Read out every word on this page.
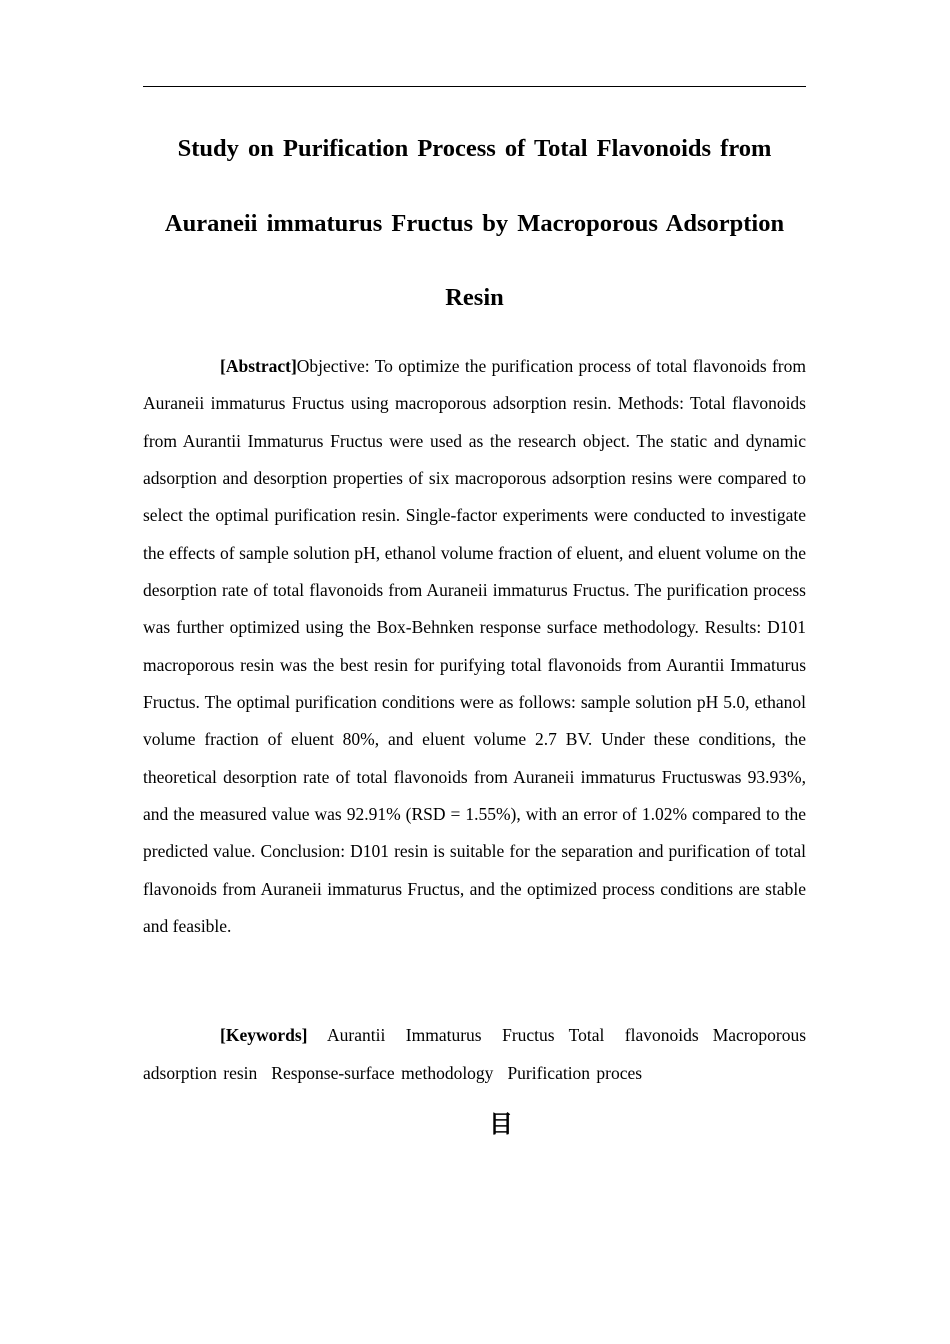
Study on Purification Process of Total Flavonoids from Auraneii immaturus Fructus by Macroporous Adsorption Resin

[Abstract]Objective: To optimize the purification process of total flavonoids from Auraneii immaturus Fructus using macroporous adsorption resin. Methods: Total flavonoids from Aurantii Immaturus Fructus were used as the research object. The static and dynamic adsorption and desorption properties of six macroporous adsorption resins were compared to select the optimal purification resin. Single-factor experiments were conducted to investigate the effects of sample solution pH, ethanol volume fraction of eluent, and eluent volume on the desorption rate of total flavonoids from Auraneii immaturus Fructus. The purification process was further optimized using the Box-Behnken response surface methodology. Results: D101 macroporous resin was the best resin for purifying total flavonoids from Aurantii Immaturus Fructus. The optimal purification conditions were as follows: sample solution pH 5.0, ethanol volume fraction of eluent 80%, and eluent volume 2.7 BV. Under these conditions, the theoretical desorption rate of total flavonoids from Auraneii immaturus Fructuswas 93.93%, and the measured value was 92.91% (RSD = 1.55%), with an error of 1.02% compared to the predicted value. Conclusion: D101 resin is suitable for the separation and purification of total flavonoids from Auraneii immaturus Fructus, and the optimized process conditions are stable and feasible.

[Keywords] Aurantii Immaturus Fructus Total flavonoids Macroporous adsorption resin Response-surface methodology Purification proces

目
